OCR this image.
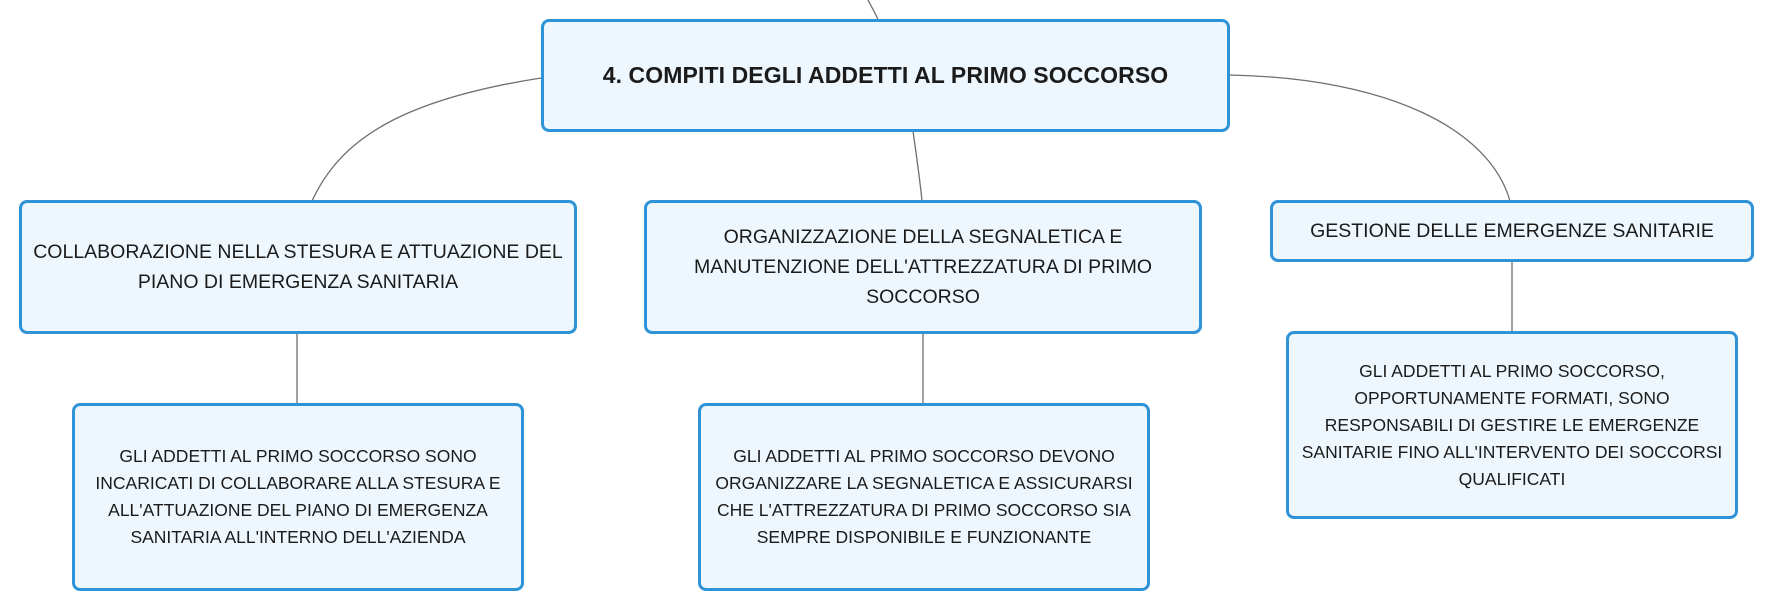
4. COMPITI DEGLI ADDETTI AL PRIMO SOCCORSO
COLLABORAZIONE NELLA STESURA E ATTUAZIONE DEL PIANO DI EMERGENZA SANITARIA
ORGANIZZAZIONE DELLA SEGNALETICA E MANUTENZIONE DELL'ATTREZZATURA DI PRIMO SOCCORSO
GESTIONE DELLE EMERGENZE SANITARIE
GLI ADDETTI AL PRIMO SOCCORSO SONO INCARICATI DI COLLABORARE ALLA STESURA E ALL'ATTUAZIONE DEL PIANO DI EMERGENZA SANITARIA ALL'INTERNO DELL'AZIENDA
GLI ADDETTI AL PRIMO SOCCORSO DEVONO ORGANIZZARE LA SEGNALETICA E ASSICURARSI CHE L'ATTREZZATURA DI PRIMO SOCCORSO SIA SEMPRE DISPONIBILE E FUNZIONANTE
GLI ADDETTI AL PRIMO SOCCORSO, OPPORTUNAMENTE FORMATI, SONO RESPONSABILI DI GESTIRE LE EMERGENZE SANITARIE FINO ALL'INTERVENTO DEI SOCCORSI QUALIFICATI
